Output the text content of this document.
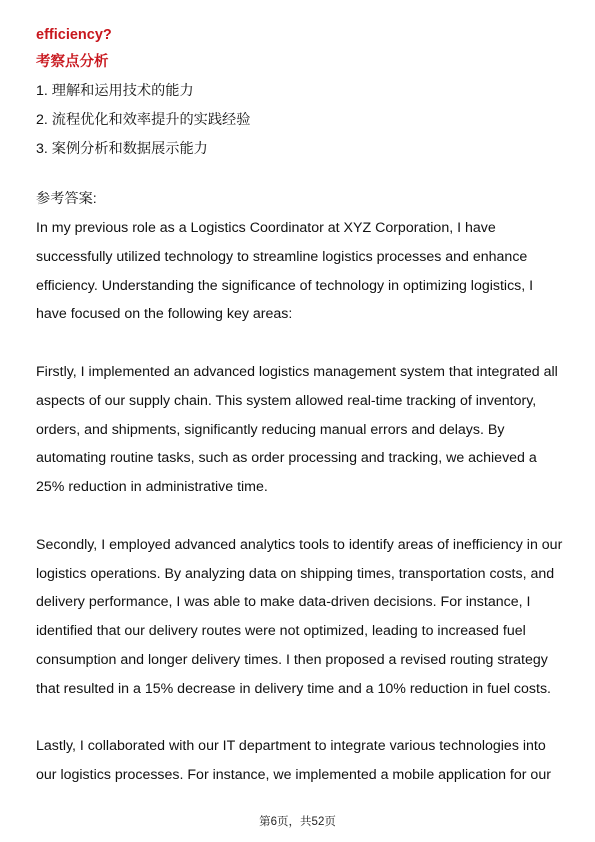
efficiency?
考察点分析
1. 理解和运用技术的能力
2. 流程优化和效率提升的实践经验
3. 案例分析和数据展示能力
参考答案:

In my previous role as a Logistics Coordinator at XYZ Corporation, I have successfully utilized technology to streamline logistics processes and enhance efficiency. Understanding the significance of technology in optimizing logistics, I have focused on the following key areas:

Firstly, I implemented an advanced logistics management system that integrated all aspects of our supply chain. This system allowed real-time tracking of inventory, orders, and shipments, significantly reducing manual errors and delays. By automating routine tasks, such as order processing and tracking, we achieved a 25% reduction in administrative time.

Secondly, I employed advanced analytics tools to identify areas of inefficiency in our logistics operations. By analyzing data on shipping times, transportation costs, and delivery performance, I was able to make data-driven decisions. For instance, I identified that our delivery routes were not optimized, leading to increased fuel consumption and longer delivery times. I then proposed a revised routing strategy that resulted in a 15% decrease in delivery time and a 10% reduction in fuel costs.

Lastly, I collaborated with our IT department to integrate various technologies into our logistics processes. For instance, we implemented a mobile application for our

第6页，共52页
